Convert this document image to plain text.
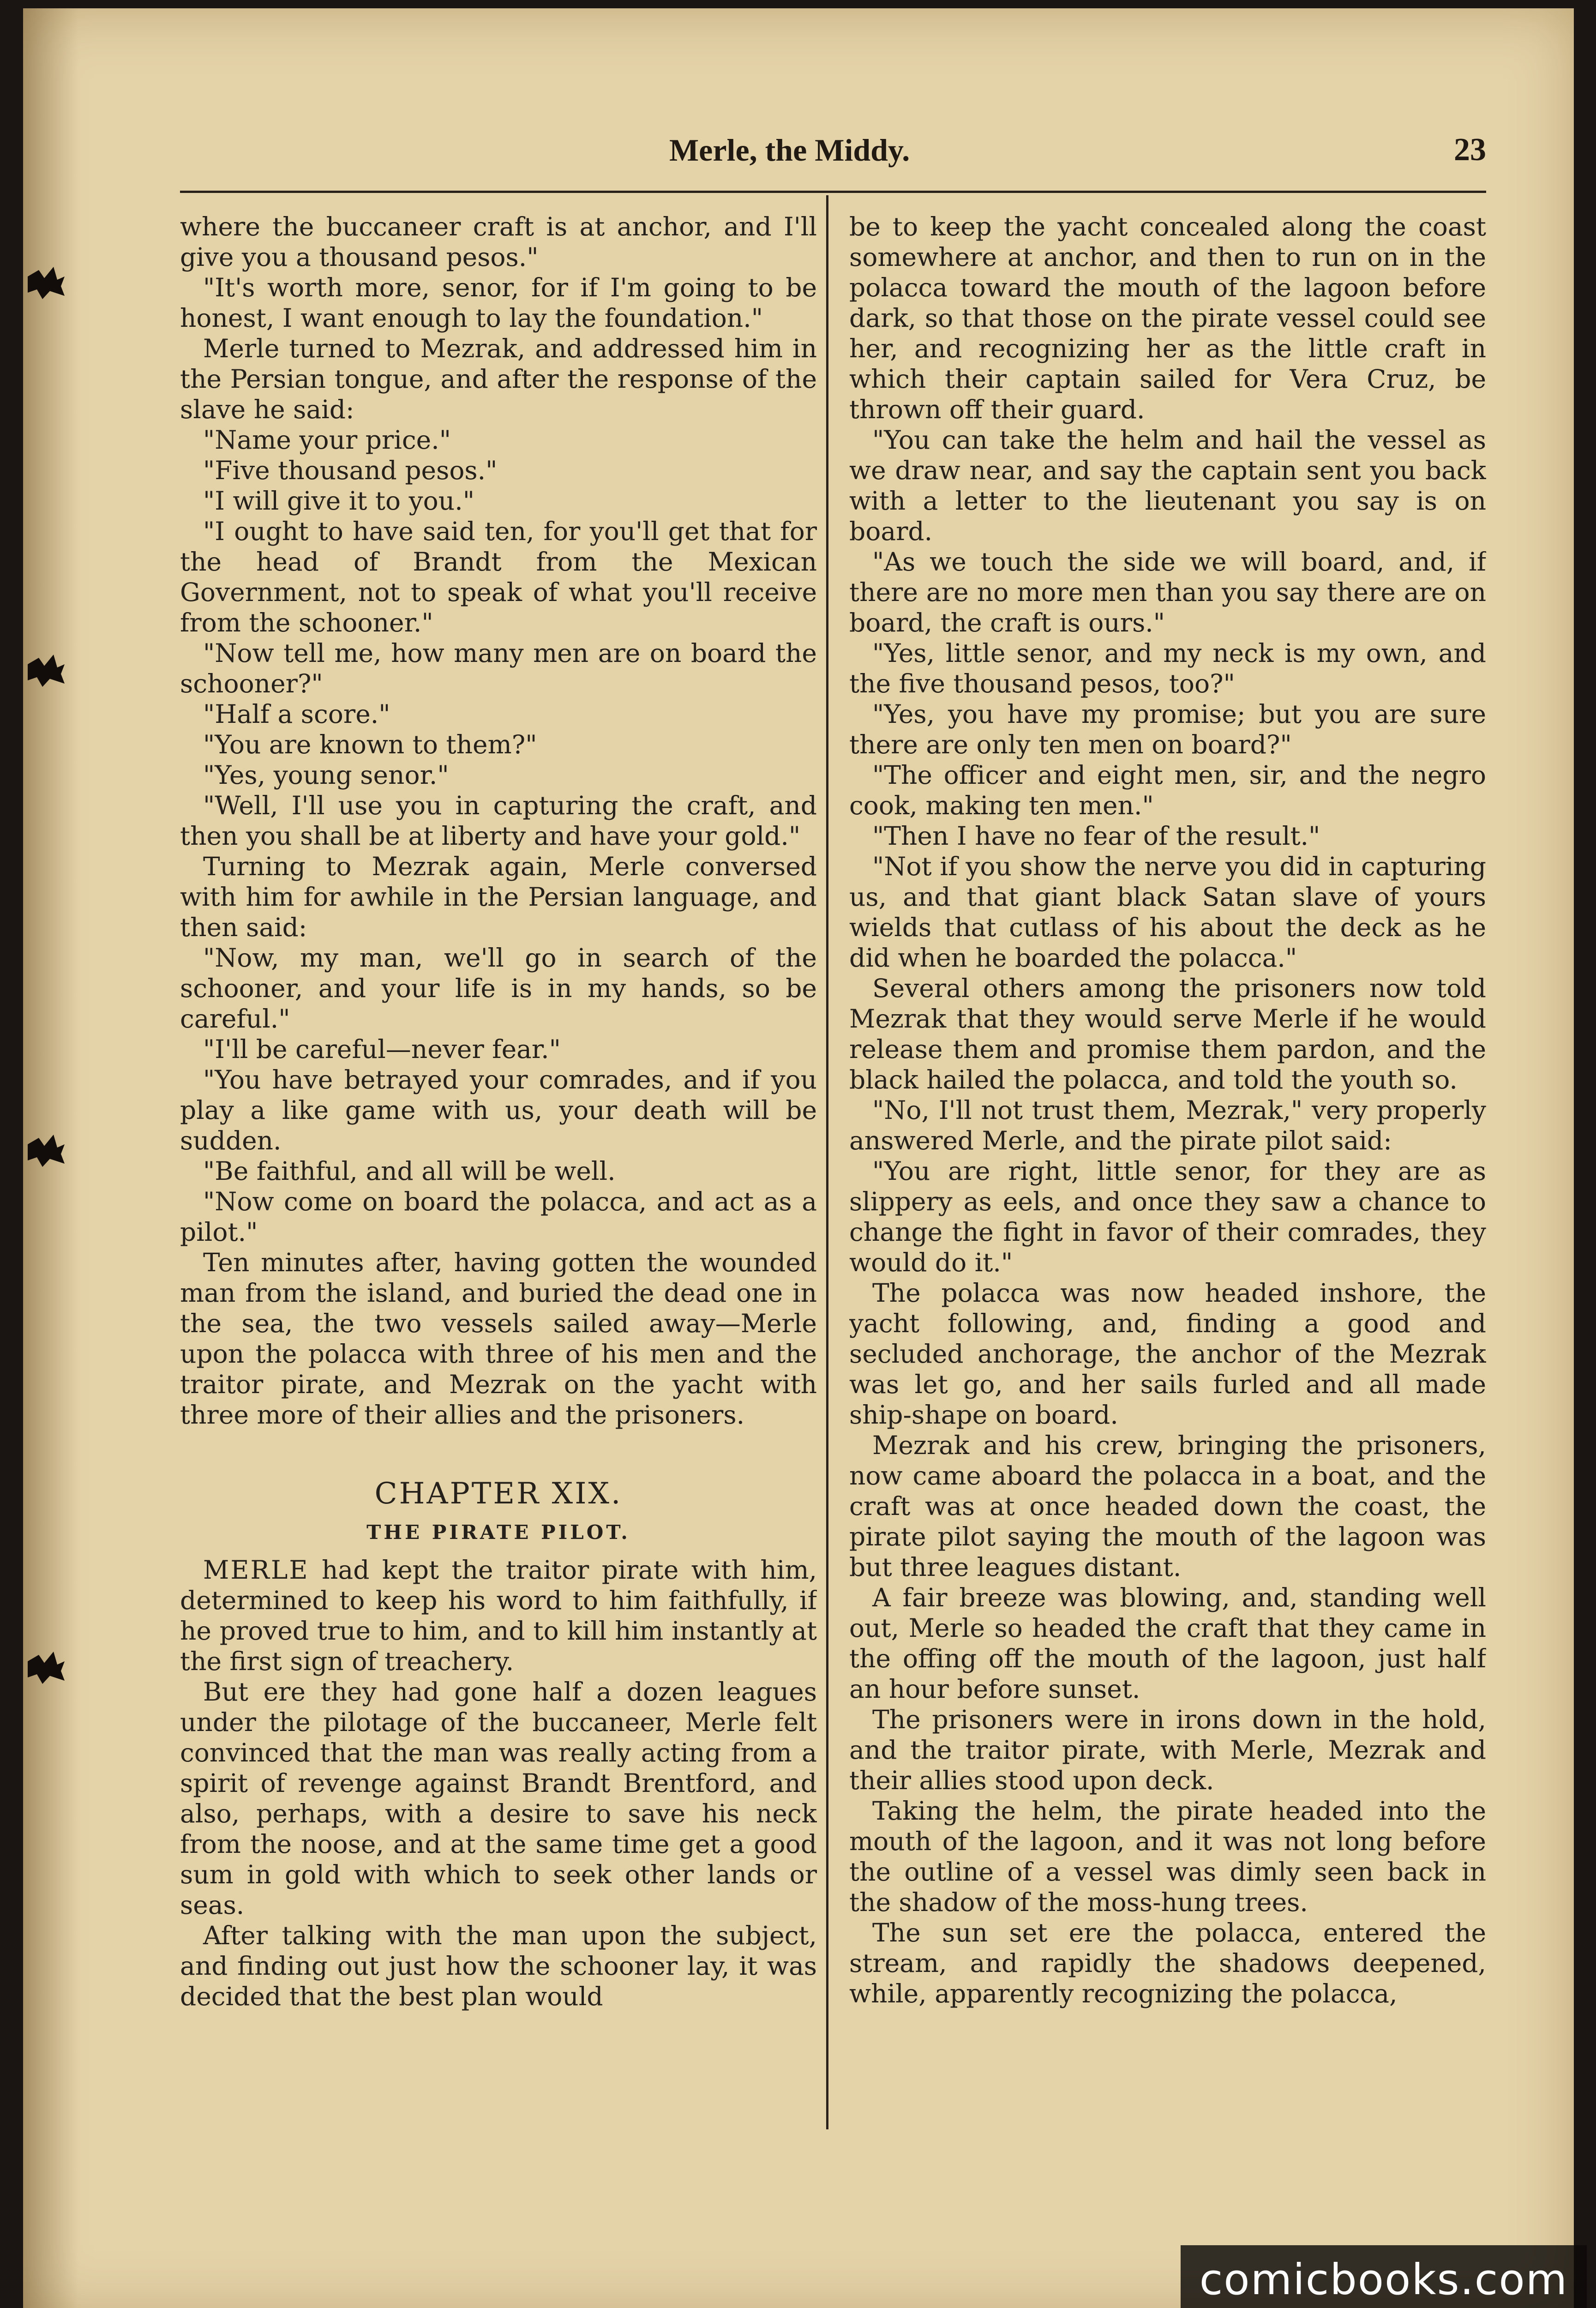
Merle, the Middy.	23

where the buccaneer craft is at anchor, and I'll give you a thousand pesos."

"It's worth more, senor, for if I'm going to be honest, I want enough to lay the foundation."

Merle turned to Mezrak, and addressed him in the Persian tongue, and after the response of the slave he said:

"Name your price."

"Five thousand pesos."

"I will give it to you."

"I ought to have said ten, for you'll get that for the head of Brandt from the Mexican Government, not to speak of what you'll receive from the schooner."

"Now tell me, how many men are on board the schooner?"

"Half a score."

"You are known to them?"

"Yes, young senor."

"Well, I'll use you in capturing the craft, and then you shall be at liberty and have your gold."

Turning to Mezrak again, Merle conversed with him for awhile in the Persian language, and then said:

"Now, my man, we'll go in search of the schooner, and your life is in my hands, so be careful."

"I'll be careful—never fear."

"You have betrayed your comrades, and if you play a like game with us, your death will be sudden.

"Be faithful, and all will be well.

"Now come on board the polacca, and act as a pilot."

Ten minutes after, having gotten the wounded man from the island, and buried the dead one in the sea, the two vessels sailed away—Merle upon the polacca with three of his men and the traitor pirate, and Mezrak on the yacht with three more of their allies and the prisoners.

CHAPTER XIX.
THE PIRATE PILOT.

MERLE had kept the traitor pirate with him, determined to keep his word to him faithfully, if he proved true to him, and to kill him instantly at the first sign of treachery.

But ere they had gone half a dozen leagues under the pilotage of the buccaneer, Merle felt convinced that the man was really acting from a spirit of revenge against Brandt Brentford, and also, perhaps, with a desire to save his neck from the noose, and at the same time get a good sum in gold with which to seek other lands or seas.

After talking with the man upon the subject, and finding out just how the schooner lay, it was decided that the best plan would

be to keep the yacht concealed along the coast somewhere at anchor, and then to run on in the polacca toward the mouth of the lagoon before dark, so that those on the pirate vessel could see her, and recognizing her as the little craft in which their captain sailed for Vera Cruz, be thrown off their guard.

"You can take the helm and hail the vessel as we draw near, and say the captain sent you back with a letter to the lieutenant you say is on board.

"As we touch the side we will board, and, if there are no more men than you say there are on board, the craft is ours."

"Yes, little senor, and my neck is my own, and the five thousand pesos, too?"

"Yes, you have my promise; but you are sure there are only ten men on board?"

"The officer and eight men, sir, and the negro cook, making ten men."

"Then I have no fear of the result."

"Not if you show the nerve you did in capturing us, and that giant black Satan slave of yours wields that cutlass of his about the deck as he did when he boarded the polacca."

Several others among the prisoners now told Mezrak that they would serve Merle if he would release them and promise them pardon, and the black hailed the polacca, and told the youth so.

"No, I'll not trust them, Mezrak," very properly answered Merle, and the pirate pilot said:

"You are right, little senor, for they are as slippery as eels, and once they saw a chance to change the fight in favor of their comrades, they would do it."

The polacca was now headed inshore, the yacht following, and, finding a good and secluded anchorage, the anchor of the Mezrak was let go, and her sails furled and all made ship-shape on board.

Mezrak and his crew, bringing the prisoners, now came aboard the polacca in a boat, and the craft was at once headed down the coast, the pirate pilot saying the mouth of the lagoon was but three leagues distant.

A fair breeze was blowing, and, standing well out, Merle so headed the craft that they came in the offing off the mouth of the lagoon, just half an hour before sunset.

The prisoners were in irons down in the hold, and the traitor pirate, with Merle, Mezrak and their allies stood upon deck.

Taking the helm, the pirate headed into the mouth of the lagoon, and it was not long before the outline of a vessel was dimly seen back in the shadow of the moss-hung trees.

The sun set ere the polacca, entered the stream, and rapidly the shadows deepened, while, apparently recognizing the polacca,

comicbooks.com
